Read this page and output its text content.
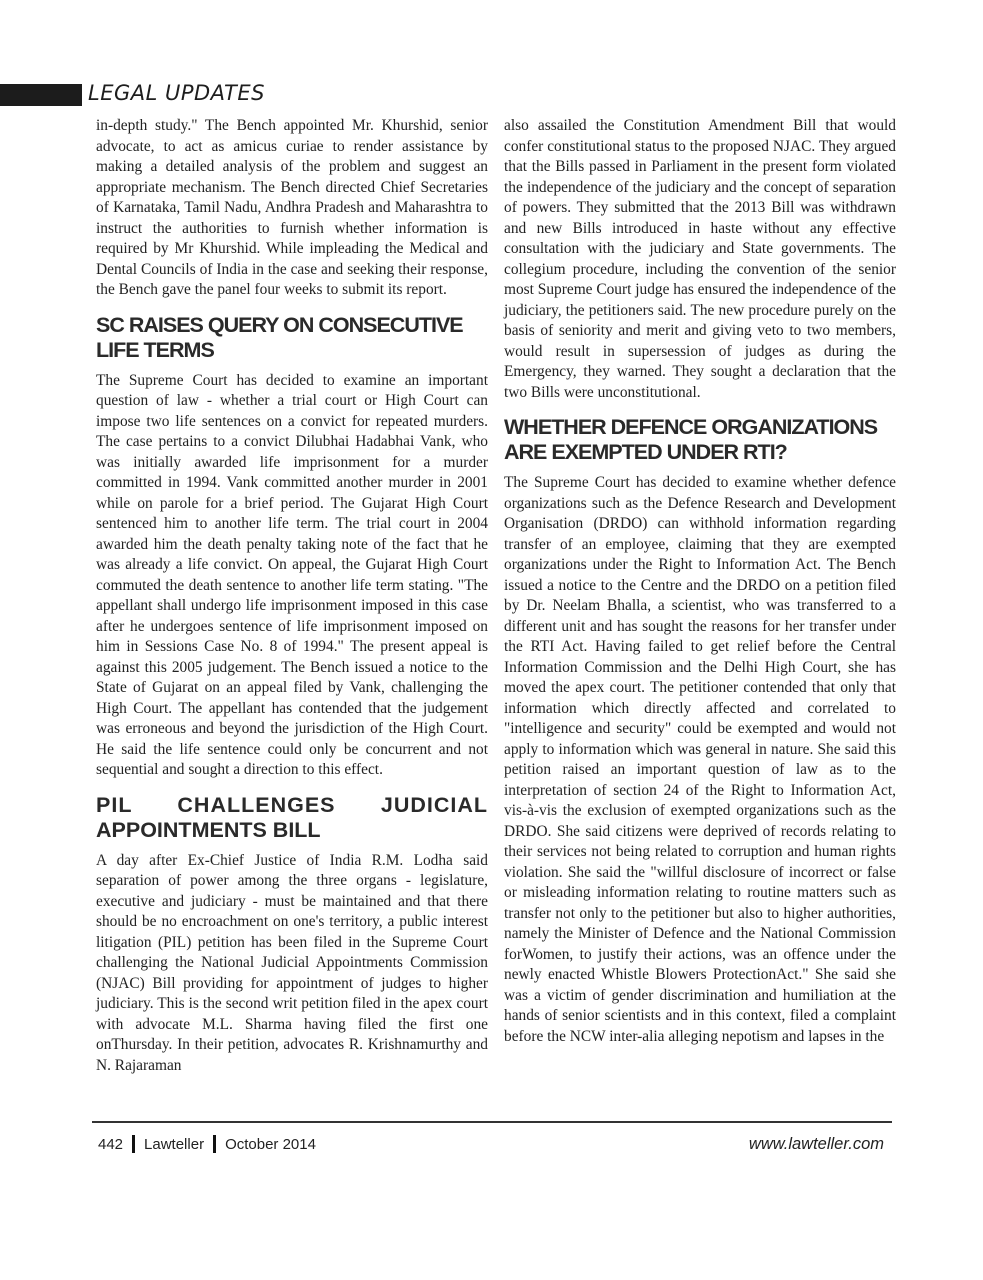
LEGAL UPDATES

in-depth study." The Bench appointed Mr. Khurshid, senior advocate, to act as amicus curiae to render assistance by making a detailed analysis of the problem and suggest an appropriate mechanism. The Bench directed Chief Secretaries of Karnataka, Tamil Nadu, Andhra Pradesh and Maharashtra to instruct the authorities to furnish whether information is required by Mr Khurshid. While impleading the Medical and Dental Councils of India in the case and seeking their response, the Bench gave the panel four weeks to submit its report.

SC RAISES QUERY ON CONSECUTIVE LIFE TERMS

The Supreme Court has decided to examine an important question of law - whether a trial court or High Court can impose two life sentences on a convict for repeated murders. The case pertains to a convict Dilubhai Hadabhai Vank, who was initially awarded life imprisonment for a murder committed in 1994. Vank committed another murder in 2001 while on parole for a brief period. The Gujarat High Court sentenced him to another life term. The trial court in 2004 awarded him the death penalty taking note of the fact that he was already a life convict. On appeal, the Gujarat High Court commuted the death sentence to another life term stating. "The appellant shall undergo life imprisonment imposed in this case after he undergoes sentence of life imprisonment imposed on him in Sessions Case No. 8 of 1994." The present appeal is against this 2005 judgement. The Bench issued a notice to the State of Gujarat on an appeal filed by Vank, challenging the High Court. The appellant has contended that the judgement was erroneous and beyond the jurisdiction of the High Court. He said the life sentence could only be concurrent and not sequential and sought a direction to this effect.

PIL CHALLENGES JUDICIAL
APPOINTMENTS BILL

A day after Ex-Chief Justice of India R.M. Lodha said separation of power among the three organs - legislature, executive and judiciary - must be maintained and that there should be no encroachment on one's territory, a public interest litigation (PIL) petition has been filed in the Supreme Court challenging the National Judicial Appointments Commission (NJAC) Bill providing for appointment of judges to higher judiciary. This is the second writ petition filed in the apex court with advocate M.L. Sharma having filed the first one onThursday. In their petition, advocates R. Krishnamurthy and N. Rajaraman

also assailed the Constitution Amendment Bill that would confer constitutional status to the proposed NJAC. They argued that the Bills passed in Parliament in the present form violated the independence of the judiciary and the concept of separation of powers. They submitted that the 2013 Bill was withdrawn and new Bills introduced in haste without any effective consultation with the judiciary and State governments. The collegium procedure, including the convention of the senior most Supreme Court judge has ensured the independence of the judiciary, the petitioners said. The new procedure purely on the basis of seniority and merit and giving veto to two members, would result in supersession of judges as during the Emergency, they warned. They sought a declaration that the two Bills were unconstitutional.

WHETHER DEFENCE ORGANIZATIONS ARE EXEMPTED UNDER RTI?

The Supreme Court has decided to examine whether defence organizations such as the Defence Research and Development Organisation (DRDO) can withhold information regarding transfer of an employee, claiming that they are exempted organizations under the Right to Information Act. The Bench issued a notice to the Centre and the DRDO on a petition filed by Dr. Neelam Bhalla, a scientist, who was transferred to a different unit and has sought the reasons for her transfer under the RTI Act. Having failed to get relief before the Central Information Commission and the Delhi High Court, she has moved the apex court. The petitioner contended that only that information which directly affected and correlated to "intelligence and security" could be exempted and would not apply to information which was general in nature. She said this petition raised an important question of law as to the interpretation of section 24 of the Right to Information Act, vis-à-vis the exclusion of exempted organizations such as the DRDO. She said citizens were deprived of records relating to their services not being related to corruption and human rights violation. She said the "willful disclosure of incorrect or false or misleading information relating to routine matters such as transfer not only to the petitioner but also to higher authorities, namely the Minister of Defence and the National Commission forWomen, to justify their actions, was an offence under the newly enacted Whistle Blowers ProtectionAct." She said she was a victim of gender discrimination and humiliation at the hands of senior scientists and in this context, filed a complaint before the NCW inter-alia alleging nepotism and lapses in the

442 Lawteller October 2014	www.lawteller.com
